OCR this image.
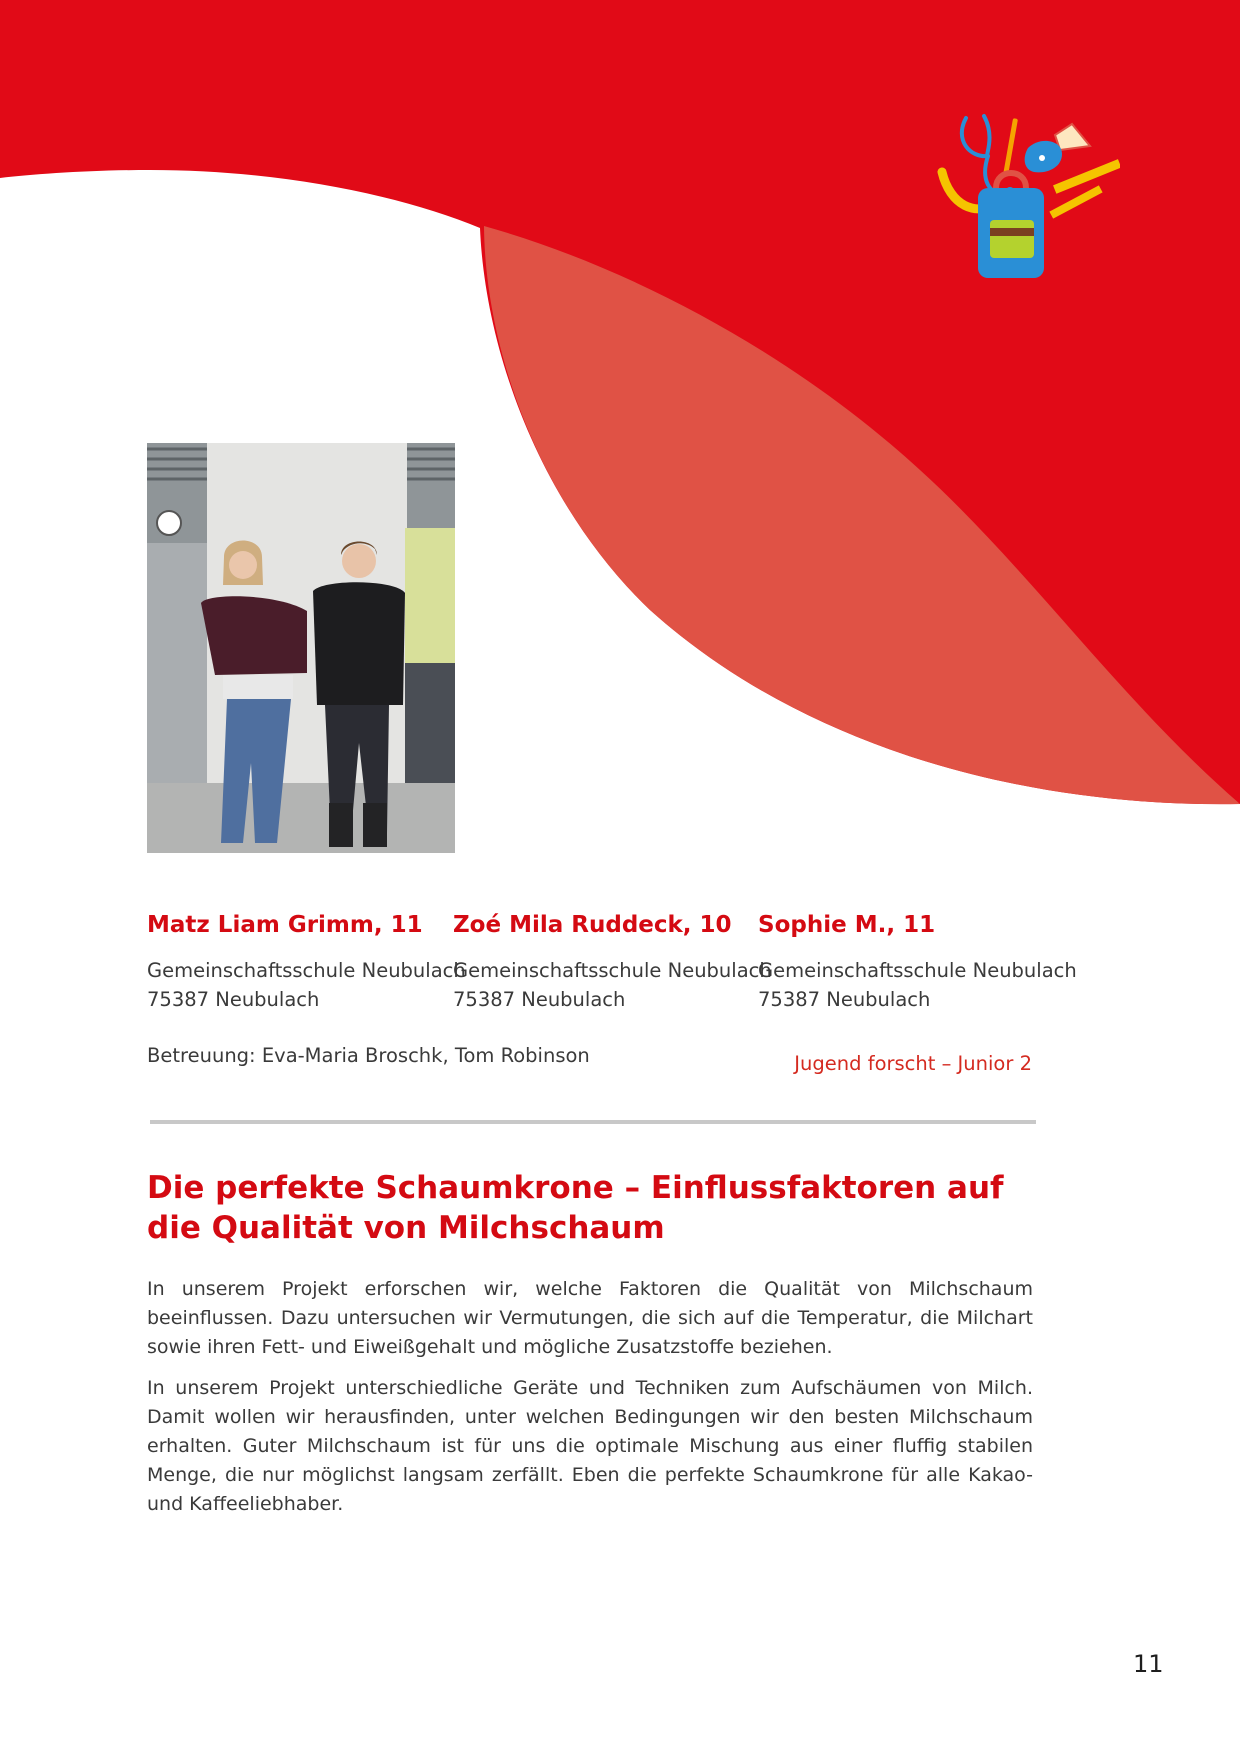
Matz Liam Grimm, 11
Gemeinschaftsschule Neubulach
75387 Neubulach
Zoé Mila Ruddeck, 10
Gemeinschaftsschule Neubulach
75387 Neubulach
Sophie M., 11
Gemeinschaftsschule Neubulach
75387 Neubulach
Betreuung: Eva-Maria Broschk, Tom Robinson	Jugend forscht – Junior 2
Die perfekte Schaumkrone – Einflussfaktoren auf die Qualität von Milchschaum

In unserem Projekt erforschen wir, welche Faktoren die Qualität von Milchschaum beeinflussen. Dazu untersuchen wir Vermutungen, die sich auf die Temperatur, die Milchart sowie ihren Fett- und Eiweißgehalt und mögliche Zusatzstoffe beziehen.

In unserem Projekt unterschiedliche Geräte und Techniken zum Aufschäumen von Milch. Damit wollen wir herausfinden, unter welchen Bedingungen wir den besten Milchschaum erhalten. Guter Milchschaum ist für uns die optimale Mischung aus einer fluffig stabilen Menge, die nur möglichst langsam zerfällt. Eben die perfekte Schaumkrone für alle Kakao- und Kaffeeliebhaber.

11
